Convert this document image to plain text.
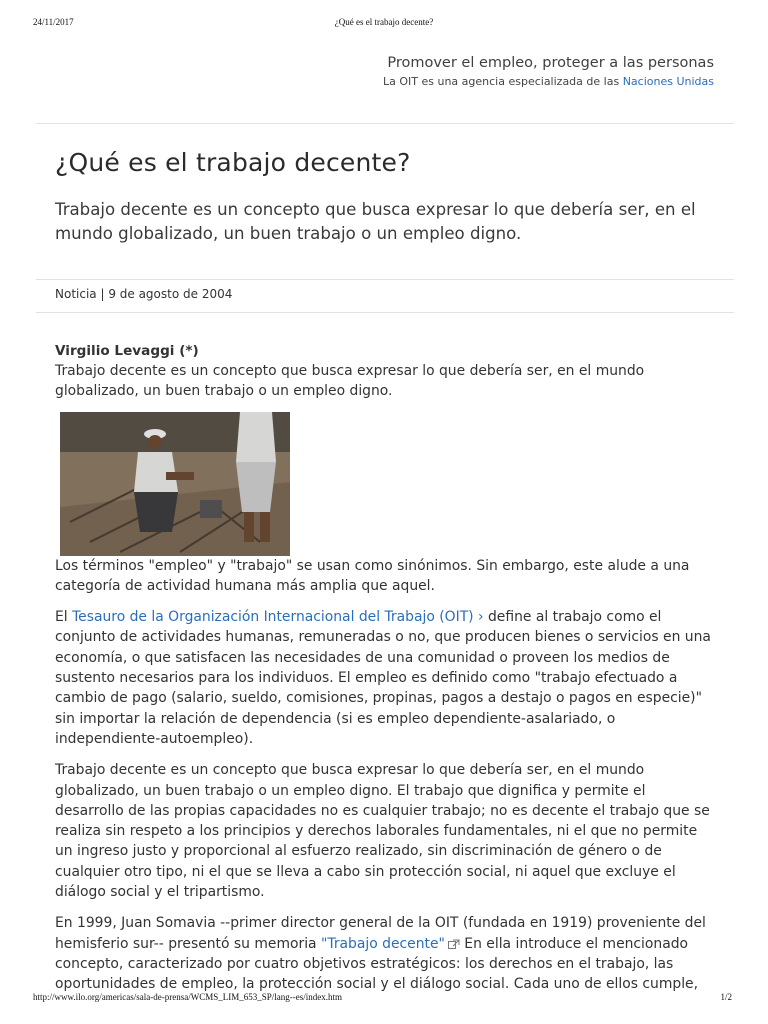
24/11/2017	¿Qué es el trabajo decente?
Promover el empleo, proteger a las personas
La OIT es una agencia especializada de las Naciones Unidas
¿Qué es el trabajo decente?

Trabajo decente es un concepto que busca expresar lo que debería ser, en el mundo globalizado, un buen trabajo o un empleo digno.

Noticia | 9 de agosto de 2004
Virgilio Levaggi (*)

Trabajo decente es un concepto que busca expresar lo que debería ser, en el mundo globalizado, un buen trabajo o un empleo digno.

Los términos "empleo" y "trabajo" se usan como sinónimos. Sin embargo, este alude a una categoría de actividad humana más amplia que aquel.

El Tesauro de la Organización Internacional del Trabajo (OIT) › define al trabajo como el conjunto de actividades humanas, remuneradas o no, que producen bienes o servicios en una economía, o que satisfacen las necesidades de una comunidad o proveen los medios de sustento necesarios para los individuos. El empleo es definido como "trabajo efectuado a cambio de pago (salario, sueldo, comisiones, propinas, pagos a destajo o pagos en especie)" sin importar la relación de dependencia (si es empleo dependiente-asalariado, o independiente-autoempleo).

Trabajo decente es un concepto que busca expresar lo que debería ser, en el mundo globalizado, un buen trabajo o un empleo digno. El trabajo que dignifica y permite el desarrollo de las propias capacidades no es cualquier trabajo; no es decente el trabajo que se realiza sin respeto a los principios y derechos laborales fundamentales, ni el que no permite un ingreso justo y proporcional al esfuerzo realizado, sin discriminación de género o de cualquier otro tipo, ni el que se lleva a cabo sin protección social, ni aquel que excluye el diálogo social y el tripartismo.

En 1999, Juan Somavia --primer director general de la OIT (fundada en 1919) proveniente del hemisferio sur-- presentó su memoria "Trabajo decente" En ella introduce el mencionado concepto, caracterizado por cuatro objetivos estratégicos: los derechos en el trabajo, las oportunidades de empleo, la protección social y el diálogo social. Cada uno de ellos cumple,

http://www.ilo.org/americas/sala-de-prensa/WCMS_LIM_653_SP/lang--es/index.htm	1/2
